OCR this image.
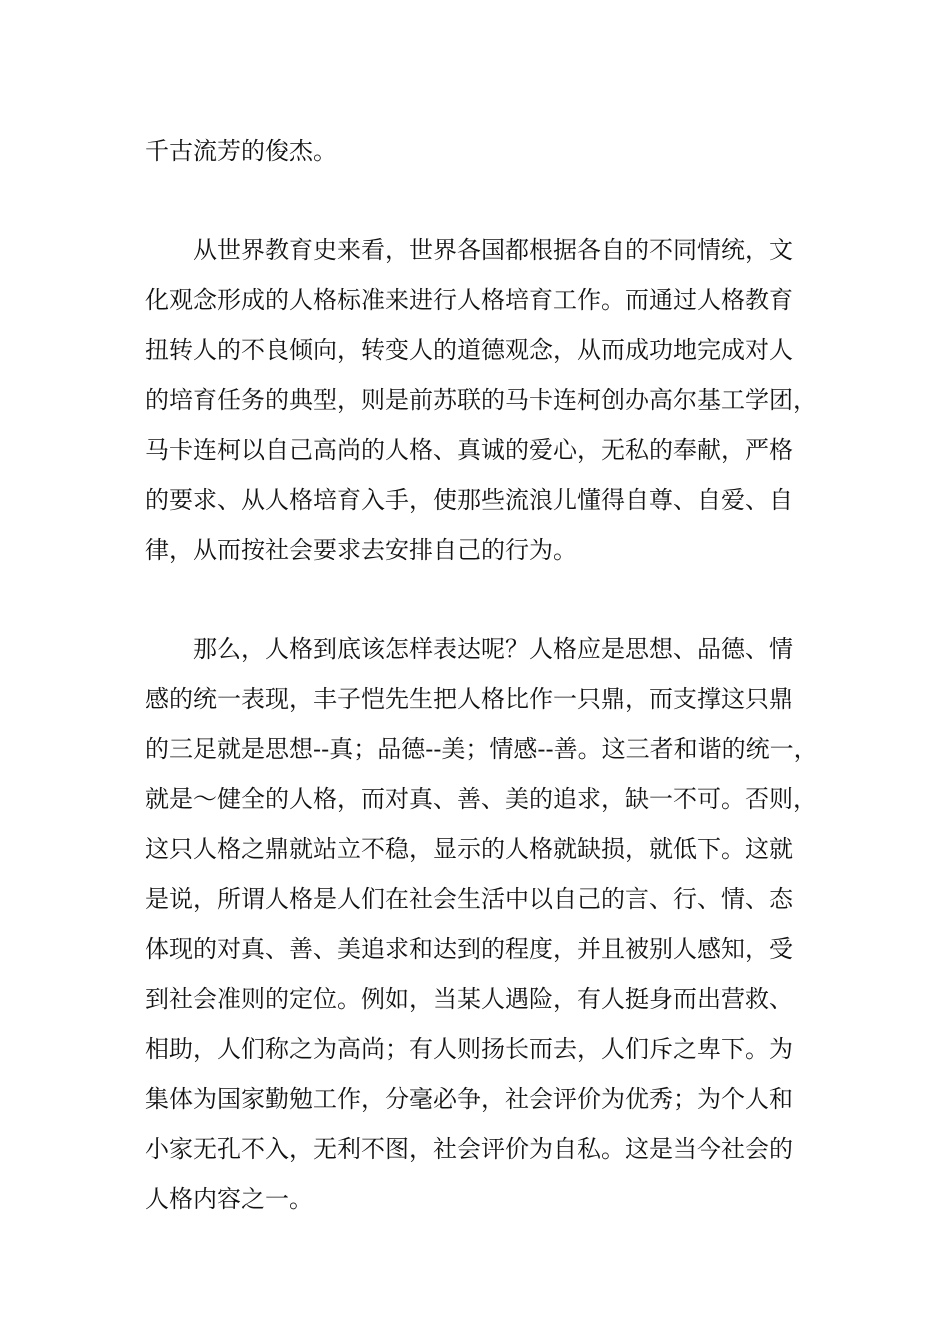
千古流芳的俊杰。

从世界教育史来看，世界各国都根据各自的不同情统，文

化观念形成的人格标准来进行人格培育工作。而通过人格教育

扭转人的不良倾向，转变人的道德观念，从而成功地完成对人

的培育任务的典型，则是前苏联的马卡连柯创办高尔基工学团，

马卡连柯以自己高尚的人格、真诚的爱心，无私的奉献，严格

的要求、从人格培育入手，使那些流浪儿懂得自尊、自爱、自

律，从而按社会要求去安排自己的行为。

那么，人格到底该怎样表达呢？人格应是思想、品德、情

感的统一表现，丰子恺先生把人格比作一只鼎，而支撑这只鼎

的三足就是思想--真；品德--美；情感--善。这三者和谐的统一，

就是～健全的人格，而对真、善、美的追求，缺一不可。否则，

这只人格之鼎就站立不稳，显示的人格就缺损，就低下。这就

是说，所谓人格是人们在社会生活中以自己的言、行、情、态

体现的对真、善、美追求和达到的程度，并且被别人感知，受

到社会准则的定位。例如，当某人遇险，有人挺身而出营救、

相助，人们称之为高尚；有人则扬长而去，人们斥之卑下。为

集体为国家勤勉工作，分毫必争，社会评价为优秀；为个人和

小家无孔不入，无利不图，社会评价为自私。这是当今社会的

人格内容之一。
